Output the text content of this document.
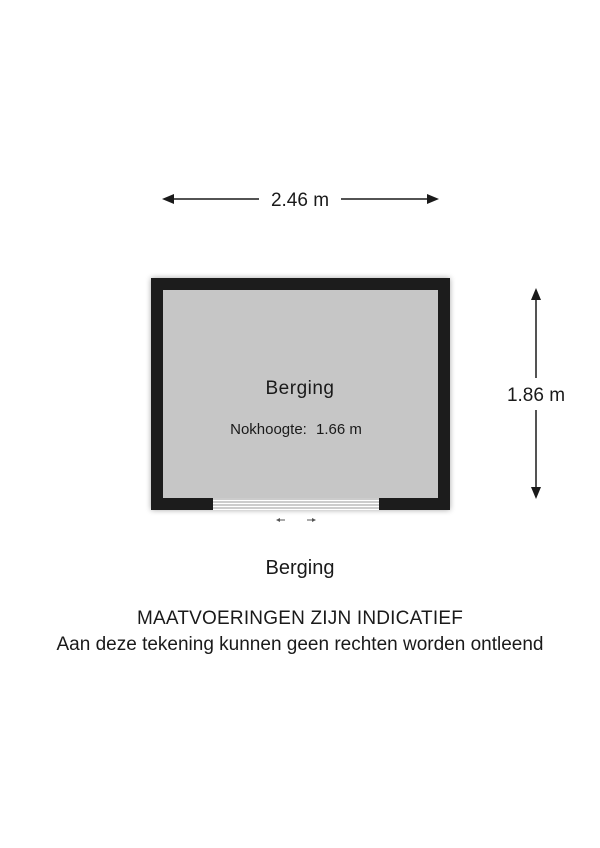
2.46 m
1.86 m
Berging
Nokhoogte: 1.66 m
Berging
MAATVOERINGEN ZIJN INDICATIEF
Aan deze tekening kunnen geen rechten worden ontleend
